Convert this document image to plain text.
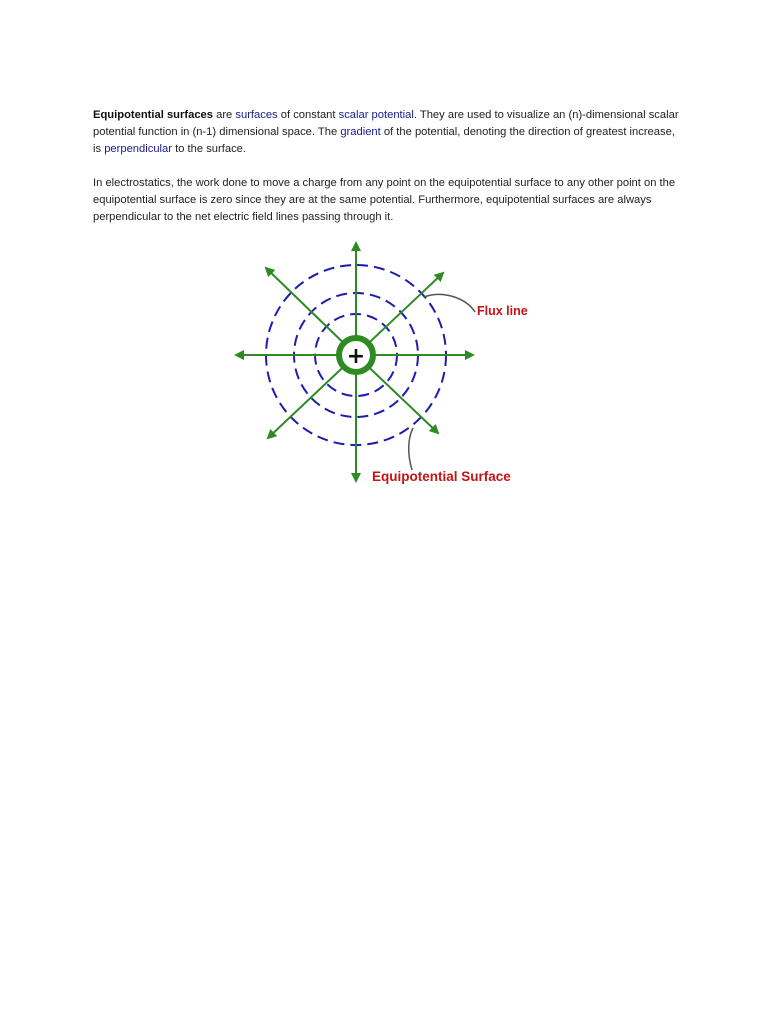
Equipotential surfaces are surfaces of constant scalar potential. They are used to visualize an (n)-dimensional scalar potential function in (n-1) dimensional space. The gradient of the potential, denoting the direction of greatest increase, is perpendicular to the surface.

In electrostatics, the work done to move a charge from any point on the equipotential surface to any other point on the equipotential surface is zero since they are at the same potential. Furthermore, equipotential surfaces are always perpendicular to the net electric field lines passing through it.

+
Flux line
Equipotential Surface
